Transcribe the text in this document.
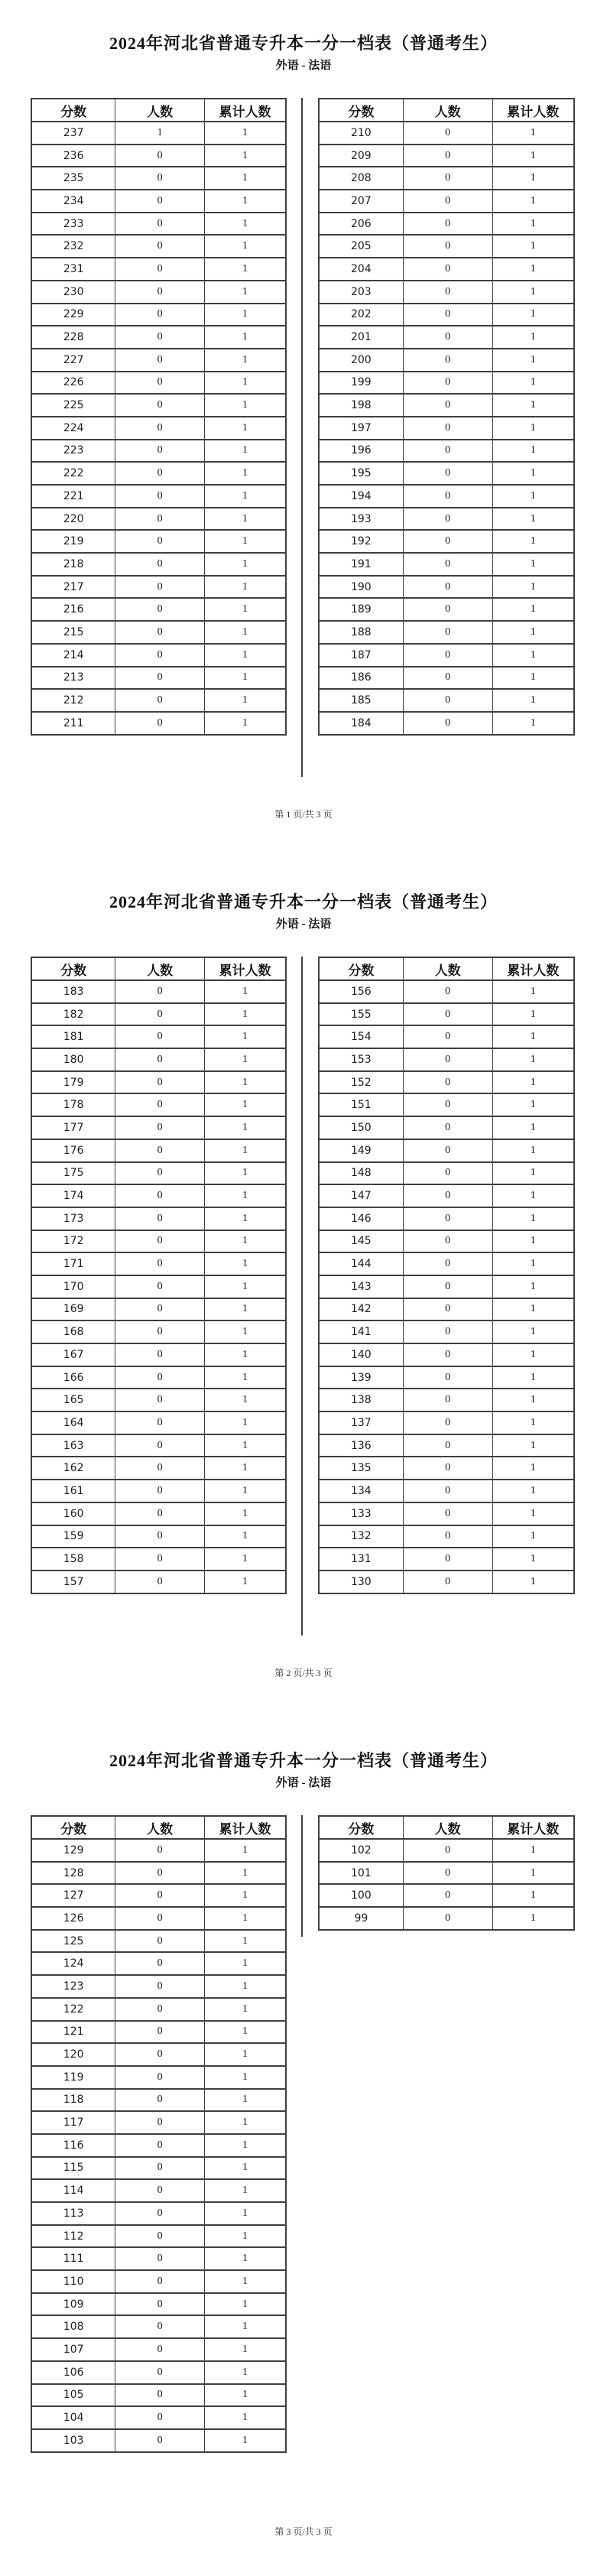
2024年河北省普通专升本一分一档表（普通考生）
外语 - 法语
分数	人数	累计人数
237	1	1
236	0	1
235	0	1
234	0	1
233	0	1
232	0	1
231	0	1
230	0	1
229	0	1
228	0	1
227	0	1
226	0	1
225	0	1
224	0	1
223	0	1
222	0	1
221	0	1
220	0	1
219	0	1
218	0	1
217	0	1
216	0	1
215	0	1
214	0	1
213	0	1
212	0	1
211	0	1
分数	人数	累计人数
210	0	1
209	0	1
208	0	1
207	0	1
206	0	1
205	0	1
204	0	1
203	0	1
202	0	1
201	0	1
200	0	1
199	0	1
198	0	1
197	0	1
196	0	1
195	0	1
194	0	1
193	0	1
192	0	1
191	0	1
190	0	1
189	0	1
188	0	1
187	0	1
186	0	1
185	0	1
184	0	1
第 1 页/共 3 页
2024年河北省普通专升本一分一档表（普通考生）
外语 - 法语
分数	人数	累计人数
183	0	1
182	0	1
181	0	1
180	0	1
179	0	1
178	0	1
177	0	1
176	0	1
175	0	1
174	0	1
173	0	1
172	0	1
171	0	1
170	0	1
169	0	1
168	0	1
167	0	1
166	0	1
165	0	1
164	0	1
163	0	1
162	0	1
161	0	1
160	0	1
159	0	1
158	0	1
157	0	1
分数	人数	累计人数
156	0	1
155	0	1
154	0	1
153	0	1
152	0	1
151	0	1
150	0	1
149	0	1
148	0	1
147	0	1
146	0	1
145	0	1
144	0	1
143	0	1
142	0	1
141	0	1
140	0	1
139	0	1
138	0	1
137	0	1
136	0	1
135	0	1
134	0	1
133	0	1
132	0	1
131	0	1
130	0	1
第 2 页/共 3 页
2024年河北省普通专升本一分一档表（普通考生）
外语 - 法语
分数	人数	累计人数
129	0	1
128	0	1
127	0	1
126	0	1
125	0	1
124	0	1
123	0	1
122	0	1
121	0	1
120	0	1
119	0	1
118	0	1
117	0	1
116	0	1
115	0	1
114	0	1
113	0	1
112	0	1
111	0	1
110	0	1
109	0	1
108	0	1
107	0	1
106	0	1
105	0	1
104	0	1
103	0	1
分数	人数	累计人数
102	0	1
101	0	1
100	0	1
99	0	1
第 3 页/共 3 页
